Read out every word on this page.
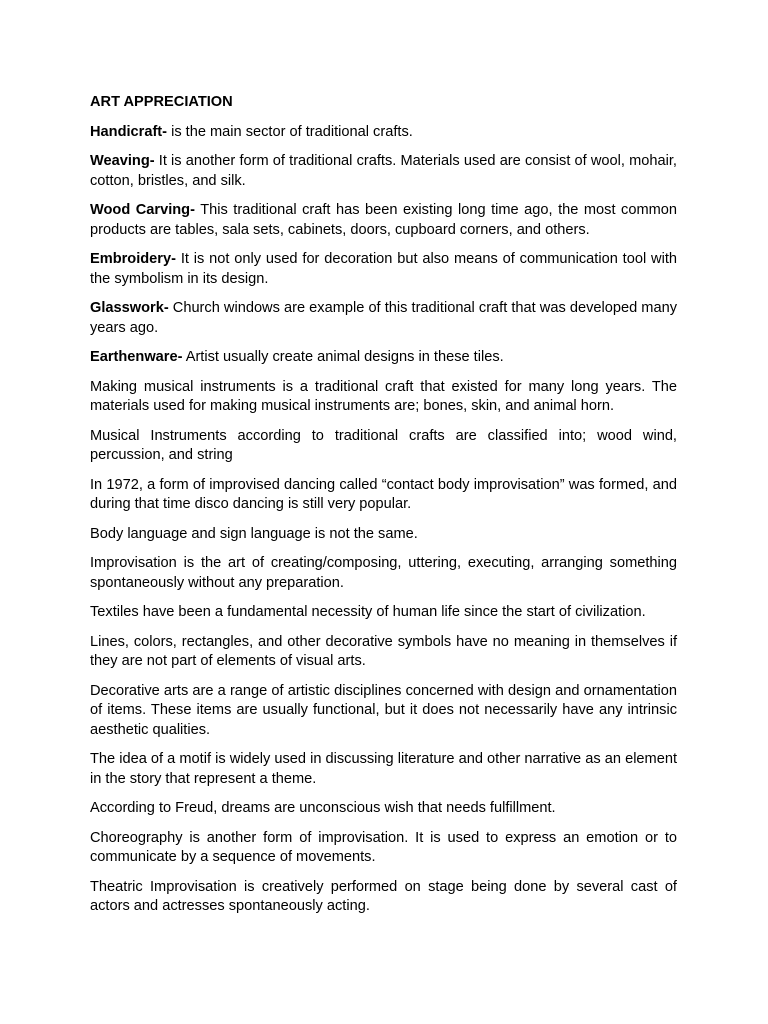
ART APPRECIATION

Handicraft- is the main sector of traditional crafts.

Weaving- It is another form of traditional crafts. Materials used are consist of wool, mohair, cotton, bristles, and silk.

Wood Carving- This traditional craft has been existing long time ago, the most common products are tables, sala sets, cabinets, doors, cupboard corners, and others.

Embroidery- It is not only used for decoration but also means of communication tool with the symbolism in its design.

Glasswork- Church windows are example of this traditional craft that was developed many years ago.

Earthenware- Artist usually create animal designs in these tiles.

Making musical instruments is a traditional craft that existed for many long years. The materials used for making musical instruments are; bones, skin, and animal horn.

Musical Instruments according to traditional crafts are classified into; wood wind, percussion, and string

In 1972, a form of improvised dancing called “contact body improvisation” was formed, and during that time disco dancing is still very popular.

Body language and sign language is not the same.

Improvisation is the art of creating/composing, uttering, executing, arranging something spontaneously without any preparation.

Textiles have been a fundamental necessity of human life since the start of civilization.

Lines, colors, rectangles, and other decorative symbols have no meaning in themselves if they are not part of elements of visual arts.

Decorative arts are a range of artistic disciplines concerned with design and ornamentation of items. These items are usually functional, but it does not necessarily have any intrinsic aesthetic qualities.

The idea of a motif is widely used in discussing literature and other narrative as an element in the story that represent a theme.

According to Freud, dreams are unconscious wish that needs fulfillment.

Choreography is another form of improvisation. It is used to express an emotion or to communicate by a sequence of movements.

Theatric Improvisation is creatively performed on stage being done by several cast of actors and actresses spontaneously acting.
